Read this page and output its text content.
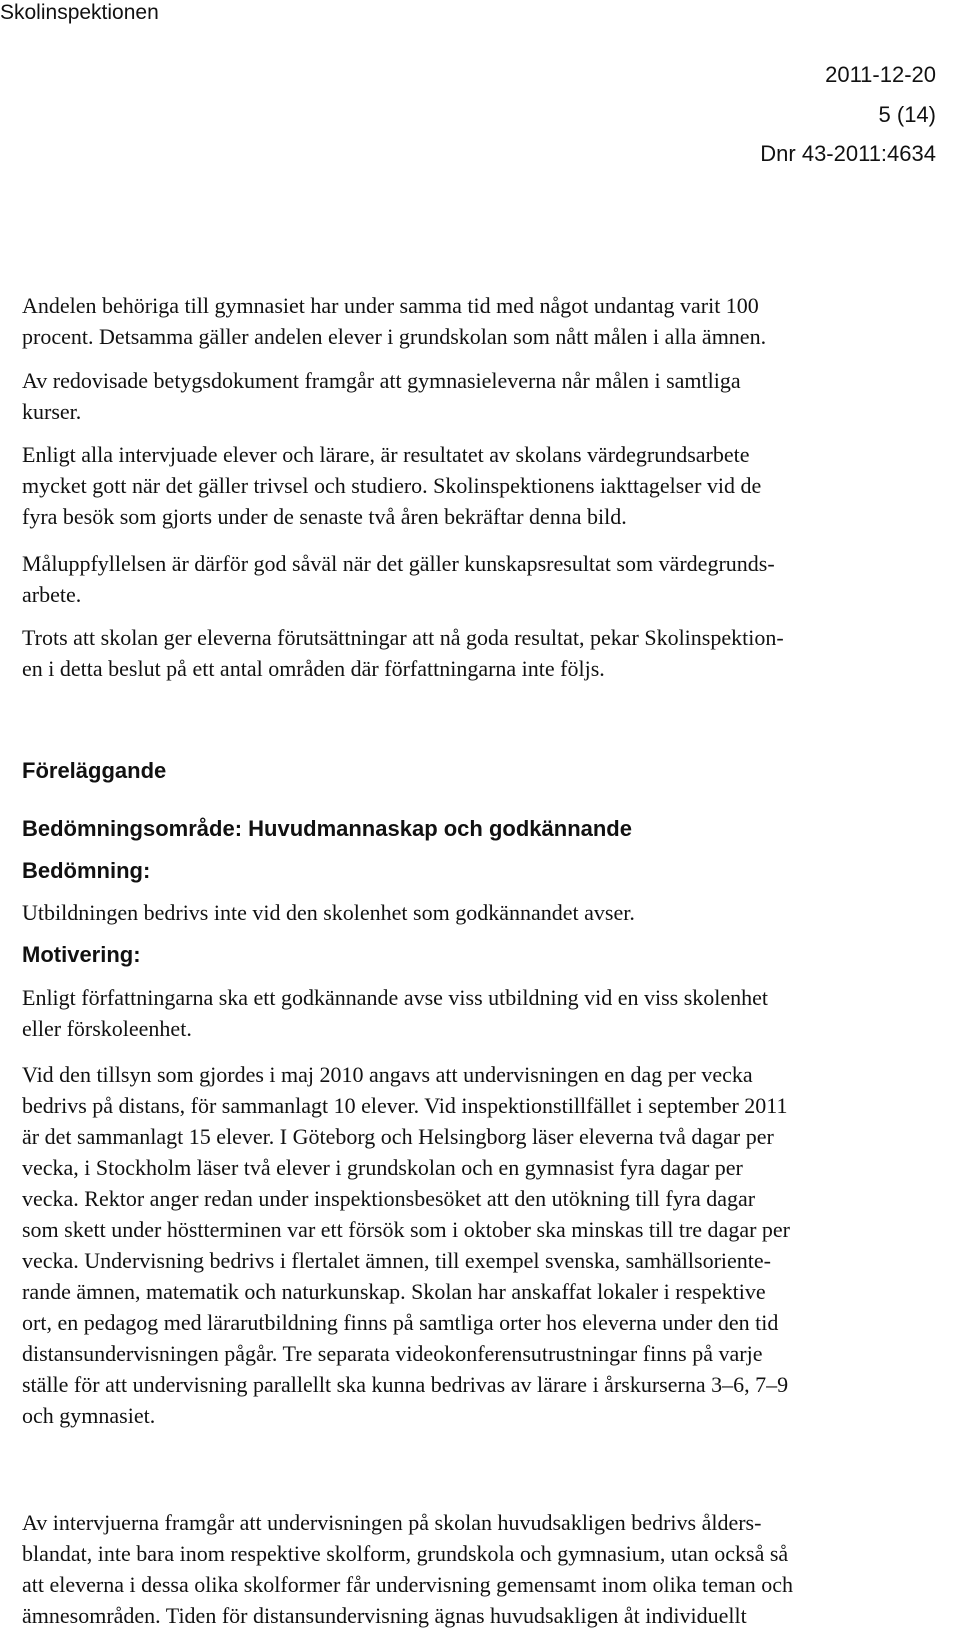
Skolinspektionen
2011-12-20
5 (14)
Dnr 43-2011:4634

Andelen behöriga till gymnasiet har under samma tid med något undantag varit 100
procent. Detsamma gäller andelen elever i grundskolan som nått målen i alla ämnen.

Av redovisade betygsdokument framgår att gymnasieleverna når målen i samtliga
kurser.

Enligt alla intervjuade elever och lärare, är resultatet av skolans värdegrundsarbete
mycket gott när det gäller trivsel och studiero. Skolinspektionens iakttagelser vid de
fyra besök som gjorts under de senaste två åren bekräftar denna bild.

Måluppfyllelsen är därför god såväl när det gäller kunskapsresultat som värdegrunds-
arbete.

Trots att skolan ger eleverna förutsättningar att nå goda resultat, pekar Skolinspektion-
en i detta beslut på ett antal områden där författningarna inte följs.

Föreläggande

Bedömningsområde: Huvudmannaskap och godkännande

Bedömning:

Utbildningen bedrivs inte vid den skolenhet som godkännandet avser.

Motivering:

Enligt författningarna ska ett godkännande avse viss utbildning vid en viss skolenhet
eller förskoleenhet.

Vid den tillsyn som gjordes i maj 2010 angavs att undervisningen en dag per vecka
bedrivs på distans, för sammanlagt 10 elever. Vid inspektionstillfället i september 2011
är det sammanlagt 15 elever. I Göteborg och Helsingborg läser eleverna två dagar per
vecka, i Stockholm läser två elever i grundskolan och en gymnasist fyra dagar per
vecka. Rektor anger redan under inspektionsbesöket att den utökning till fyra dagar
som skett under höstterminen var ett försök som i oktober ska minskas till tre dagar per
vecka. Undervisning bedrivs i flertalet ämnen, till exempel svenska, samhällsoriente-
rande ämnen, matematik och naturkunskap. Skolan har anskaffat lokaler i respektive
ort, en pedagog med lärarutbildning finns på samtliga orter hos eleverna under den tid
distansundervisningen pågår. Tre separata videokonferensutrustningar finns på varje
ställe för att undervisning parallellt ska kunna bedrivas av lärare i årskurserna 3–6, 7–9
och gymnasiet.

Av intervjuerna framgår att undervisningen på skolan huvudsakligen bedrivs ålders-
blandat, inte bara inom respektive skolform, grundskola och gymnasium, utan också så
att eleverna i dessa olika skolformer får undervisning gemensamt inom olika teman och
ämnesområden. Tiden för distansundervisning ägnas huvudsakligen åt individuellt
